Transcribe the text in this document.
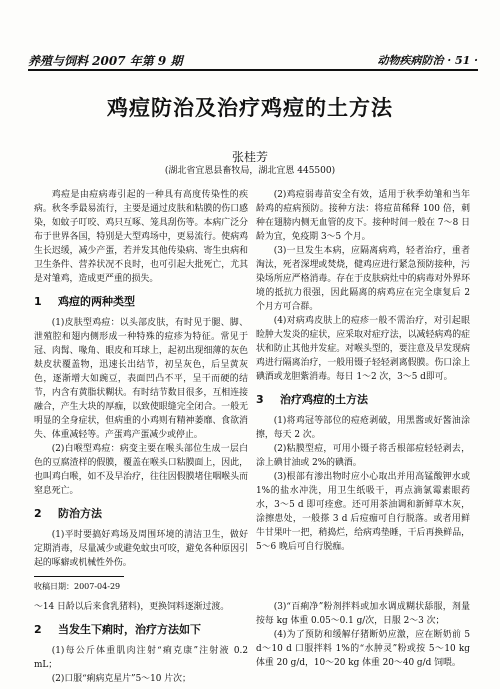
养殖与饲料 2007 年第 9 期	动物疾病防治 · 51 ·
鸡痘防治及治疗鸡痘的土方法
张桂芳
(湖北省宜恩县畜牧局，湖北宜恩 445500)

鸡痘是由痘病毒引起的一种具有高度传染性的疾病。秋冬季最易流行，主要是通过皮肤和粘膜的伤口感染，如蚊子叮咬、鸡只互啄、笼具刮伤等。本病广泛分布于世界各国，特别是大型鸡场中，更易流行。使病鸡生长迟缓，减少产蛋，若并发其他传染病、寄生虫病和卫生条件、营养状况不良时，也可引起大批死亡，尤其是对雏鸡，造成更严重的损失。

1 鸡痘的两种类型

(1)皮肤型鸡痘：以头部皮肤，有时见于腿、脚、泄殖腔和翅内侧形成一种特殊的痘疹为特征。常见于冠、肉髯、喙角、眼皮和耳球上，起初出现细薄的灰色麸皮状覆盖物，迅速长出结节，初呈灰色，后呈黄灰色，逐渐增大如豌豆，表面凹凸不平，呈干而硬的结节，内含有黄脂状糊状。有时结节数目很多，互相连接融合，产生大块的厚痂，以致使眼缝完全闭合。一般无明显的全身症状，但病重的小鸡则有精神萎靡、食欲消失、体重减轻等。产蛋鸡产蛋减少或停止。

(2)白喉型鸡痘：病变主要在喉头部位生成一层白色的豆腐渣样的假膜，覆盖在喉头口粘膜面上，因此，也叫鸡白喉，如不及早治疗，往往因假膜堵住咽喉头而窒息死亡。

2 防治方法

(1)平时要搞好鸡场及周围环境的清洁卫生，做好定期消毒，尽量减少或避免蚊虫可咬，避免各种原因引起的啄癖或机械性外伤。

收稿日期：2007-04-29

(2)鸡痘弱毒苗安全有效，适用于秋季幼雏和当年龄鸡的痘病预防。接种方法：将痘苗稀释 100 倍，刺种在翅膀内侧无血管的皮下。接种时间一般在 7～8 日龄为宜，免疫期 3～5 个月。

(3)一旦发生本病，应隔离病鸡，轻者治疗，重者淘汰，死者深埋或焚烧，健鸡应进行紧急预防接种，污染场所应严格消毒。存在于皮肤病灶中的病毒对外界环境的抵抗力很强，因此隔离的病鸡应在完全康复后 2 个月方可合群。

(4)对病鸡皮肤上的痘疹一般不需治疗，对引起眼睑肿大发炎的症状，应采取对症疗法，以减轻病鸡的症状和防止其他并发症。对喉头型的，要注意及早发现病鸡进行隔离治疗，一般用镊子轻轻剥离假膜。伤口涂上碘酒或龙胆紫消毒。每日 1～2 次，3～5 d即可。

3 治疗鸡痘的土方法

(1)将鸡冠等部位的痘疮剥破，用黑酱或好酱油涂擦，每天 2 次。

(2)粘膜型痘，可用小镊子将舌根部痘轻轻剥去，涂上碘甘油或 2%的碘酒。

(3)根部有渗出物时应小心取出并用高锰酸钾水或 1%的盐水冲洗，用卫生纸吸干，再点滴氯霉素眼药水，3～5 d 即可痊愈。还可用茶油调和新鲜草木灰，涂擦患处，一般搽 3 d 后痘痂可自行脱落。或者用鲜牛甘果叶一把，稍捣烂，给病鸡垫睡，干后再换鲜品，5～6 晚后可自行脱痂。

～14 日龄以后来食乳猪料)，更换饲料逐渐过渡。

2 当发生下痢时，治疗方法如下

(1)每公斤体重肌肉注射“痢克康”注射液 0.2 mL；

(2)口服“痢病克星片”5～10 片次；

(3)“百痢净”粉剂拌料或加水调成糊状舔服，剂量按每 kg 体重 0.05～0.1 g/次，日服 2～3 次；

(4)为了预防和缓解仔猪断奶应激，应在断奶前 5 d～10 d 口服拌料 1%的“水肿灵”粉或按 5～10 kg 体重 20 g/d，10～20 kg 体重 20～40 g/d 饲喂。
